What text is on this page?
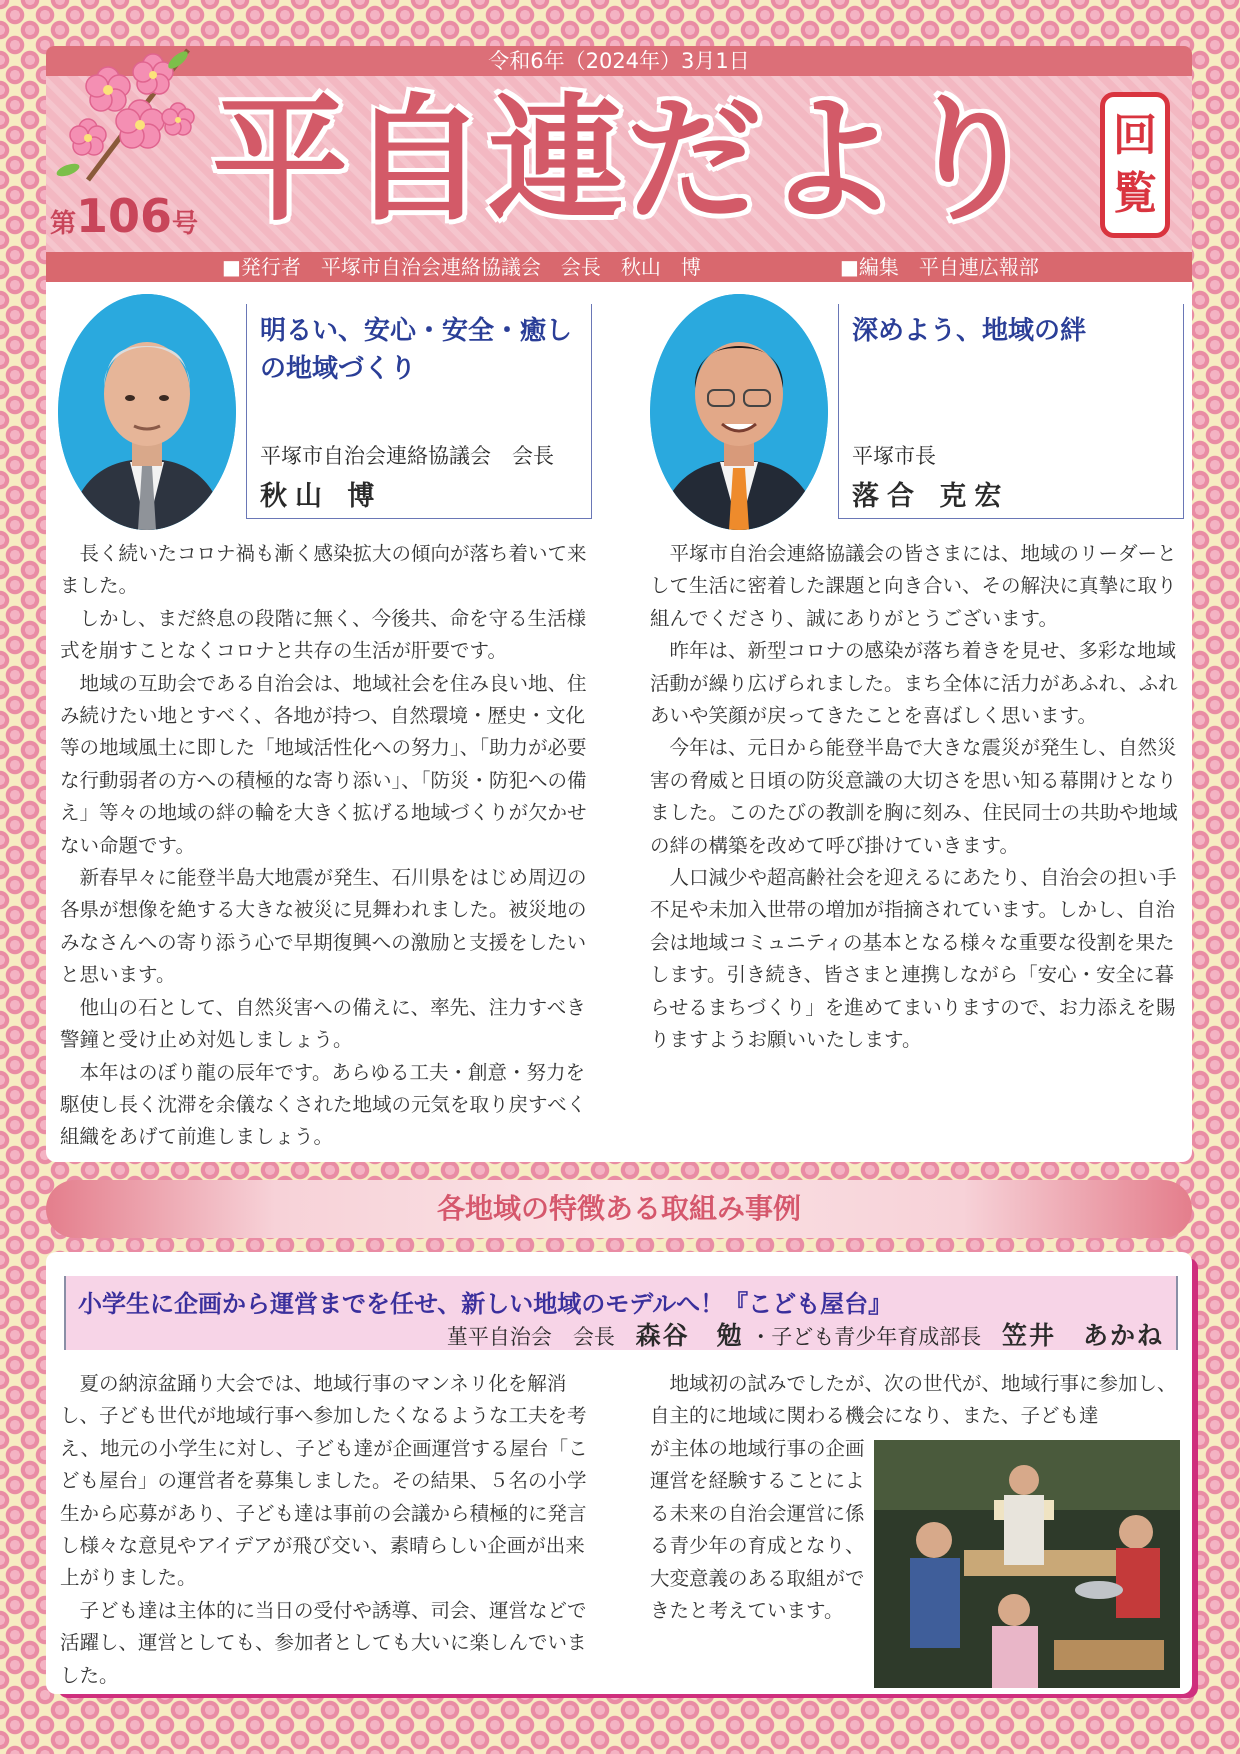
令和6年（2024年）3月1日
平自連だより
第106号
回
覧
■発行者　平塚市自治会連絡協議会　会長　秋山　博	■編集　平自連広報部
明るい、安心・安全・癒し
の地域づくり
平塚市自治会連絡協議会　会長
秋山 博

長く続いたコロナ禍も漸く感染拡大の傾向が落ち着いて来ました。

しかし、まだ終息の段階に無く、今後共、命を守る生活様式を崩すことなくコロナと共存の生活が肝要です。

地域の互助会である自治会は、地域社会を住み良い地、住み続けたい地とすべく、各地が持つ、自然環境・歴史・文化等の地域風土に即した「地域活性化への努力」、「助力が必要な行動弱者の方への積極的な寄り添い」、「防災・防犯への備え」等々の地域の絆の輪を大きく拡げる地域づくりが欠かせない命題です。

新春早々に能登半島大地震が発生、石川県をはじめ周辺の各県が想像を絶する大きな被災に見舞われました。被災地のみなさんへの寄り添う心で早期復興への激励と支援をしたいと思います。

他山の石として、自然災害への備えに、率先、注力すべき警鐘と受け止め対処しましょう。

本年はのぼり龍の辰年です。あらゆる工夫・創意・努力を駆使し長く沈滞を余儀なくされた地域の元気を取り戻すべく組織をあげて前進しましょう。

深めよう、地域の絆
平塚市長
落合 克宏

平塚市自治会連絡協議会の皆さまには、地域のリーダーとして生活に密着した課題と向き合い、その解決に真摯に取り組んでくださり、誠にありがとうございます。

昨年は、新型コロナの感染が落ち着きを見せ、多彩な地域活動が繰り広げられました。まち全体に活力があふれ、ふれあいや笑顔が戻ってきたことを喜ばしく思います。

今年は、元日から能登半島で大きな震災が発生し、自然災害の脅威と日頃の防災意識の大切さを思い知る幕開けとなりました。このたびの教訓を胸に刻み、住民同士の共助や地域の絆の構築を改めて呼び掛けていきます。

人口減少や超高齢社会を迎えるにあたり、自治会の担い手不足や未加入世帯の増加が指摘されています。しかし、自治会は地域コミュニティの基本となる様々な重要な役割を果たします。引き続き、皆さまと連携しながら「安心・安全に暮らせるまちづくり」を進めてまいりますので、お力添えを賜りますようお願いいたします。

各地域の特徴ある取組み事例
小学生に企画から運営までを任せ、新しい地域のモデルへ！『こども屋台』
堇平自治会　会長 森谷　勉 ・子ども青少年育成部長 笠井　あかね

夏の納涼盆踊り大会では、地域行事のマンネリ化を解消し、子ども世代が地域行事へ参加したくなるような工夫を考え、地元の小学生に対し、子ども達が企画運営する屋台「こども屋台」の運営者を募集しました。その結果、５名の小学生から応募があり、子ども達は事前の会議から積極的に発言し様々な意見やアイデアが飛び交い、素晴らしい企画が出来上がりました。

子ども達は主体的に当日の受付や誘導、司会、運営などで活躍し、運営としても、参加者としても大いに楽しんでいました。

地域初の試みでしたが、次の世代が、地域行事に参加し、自主的に地域に関わる機会になり、また、子ども達

が主体の地域行事の企画運営を経験することによる未来の自治会運営に係る青少年の育成となり、大変意義のある取組ができたと考えています。
